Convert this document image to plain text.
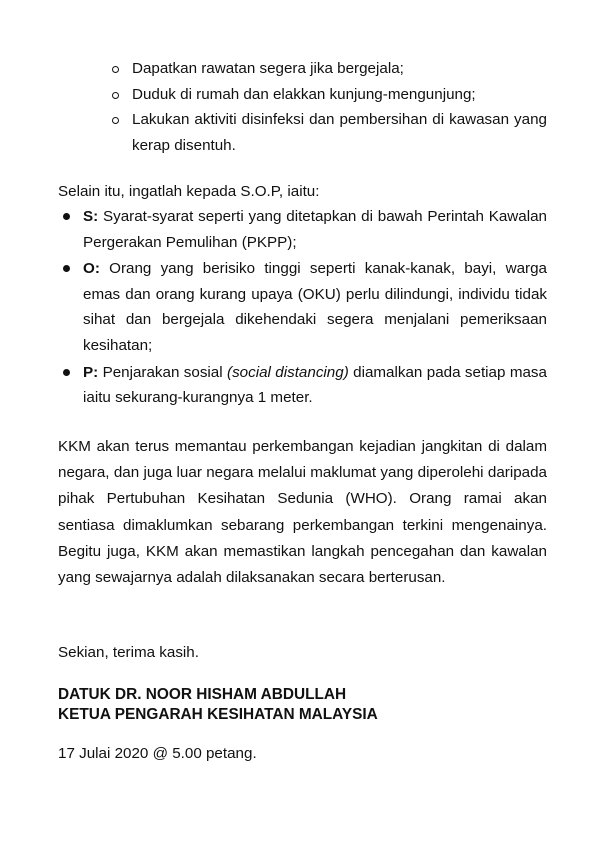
Dapatkan rawatan segera jika bergejala;
Duduk di rumah dan elakkan kunjung-mengunjung;
Lakukan aktiviti disinfeksi dan pembersihan di kawasan yang kerap disentuh.
Selain itu, ingatlah kepada S.O.P, iaitu:
S: Syarat-syarat seperti yang ditetapkan di bawah Perintah Kawalan Pergerakan Pemulihan (PKPP);
O: Orang yang berisiko tinggi seperti kanak-kanak, bayi, warga emas dan orang kurang upaya (OKU) perlu dilindungi, individu tidak sihat dan bergejala dikehendaki segera menjalani pemeriksaan kesihatan;
P: Penjarakan sosial (social distancing) diamalkan pada setiap masa iaitu sekurang-kurangnya 1 meter.

KKM akan terus memantau perkembangan kejadian jangkitan di dalam negara, dan juga luar negara melalui maklumat yang diperolehi daripada pihak Pertubuhan Kesihatan Sedunia (WHO). Orang ramai akan sentiasa dimaklumkan sebarang perkembangan terkini mengenainya. Begitu juga, KKM akan memastikan langkah pencegahan dan kawalan yang sewajarnya adalah dilaksanakan secara berterusan.

Sekian, terima kasih.
DATUK DR. NOOR HISHAM ABDULLAH
KETUA PENGARAH KESIHATAN MALAYSIA
17 Julai 2020 @ 5.00 petang.
